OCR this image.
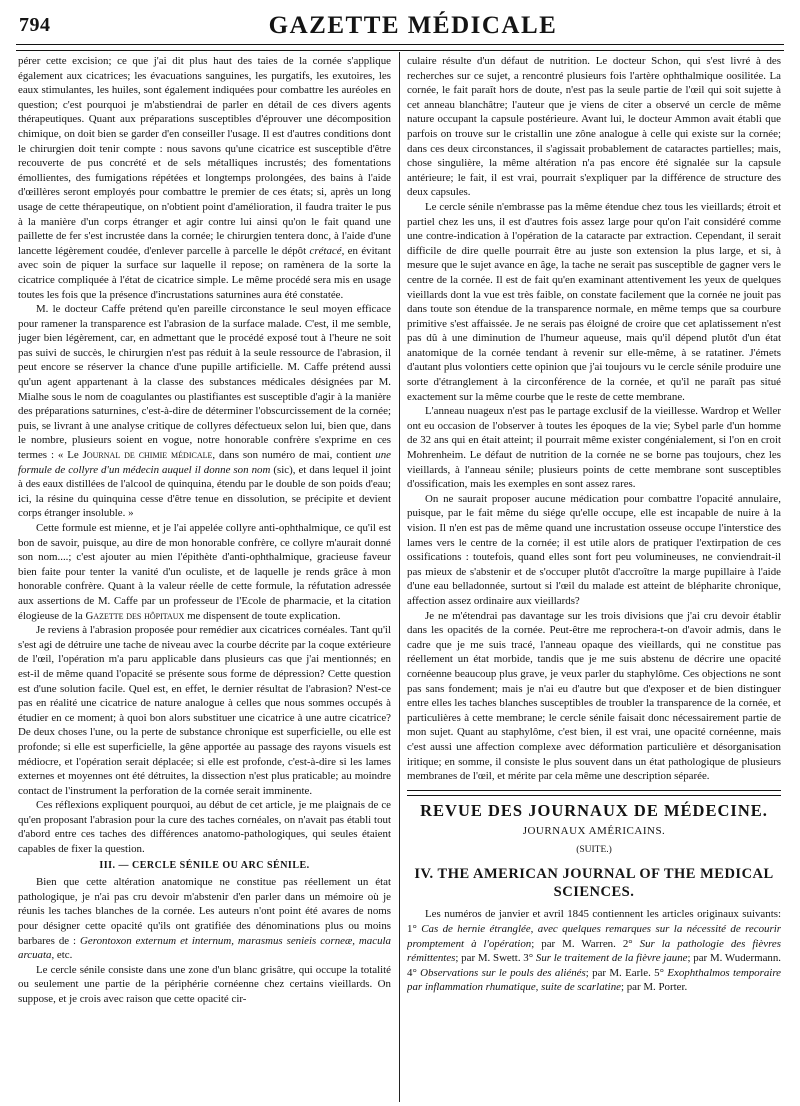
794	GAZETTE MÉDICALE

pérer cette excision; ce que j'ai dit plus haut des taies de la cornée s'applique également aux cicatrices; les évacuations sanguines, les purgatifs, les exutoires, les eaux stimulantes, les huiles, sont également indiquées pour combattre les auréoles en question; c'est pourquoi je m'abstiendrai de parler en détail de ces divers agents thérapeutiques. Quant aux préparations susceptibles d'éprouver une décomposition chimique, on doit bien se garder d'en conseiller l'usage. Il est d'autres conditions dont le chirurgien doit tenir compte : nous savons qu'une cicatrice est susceptible d'être recouverte de pus concrété et de sels métalliques incrustés; des fomentations émollientes, des fumigations répétées et longtemps prolongées, des bains à l'aide d'œillères seront employés pour combattre le premier de ces états; si, après un long usage de cette thérapeutique, on n'obtient point d'amélioration, il faudra traiter le pus à la manière d'un corps étranger et agir contre lui ainsi qu'on le fait quand une paillette de fer s'est incrustée dans la cornée; le chirurgien tentera donc, à l'aide d'une lancette légèrement coudée, d'enlever parcelle à parcelle le dépôt crétacé, en évitant avec soin de piquer la surface sur laquelle il repose; on ramènera de la sorte la cicatrice compliquée à l'état de cicatrice simple. Le même procédé sera mis en usage toutes les fois que la présence d'incrustations saturnines aura été constatée.

M. le docteur Caffe prétend qu'en pareille circonstance le seul moyen efficace pour ramener la transparence est l'abrasion de la surface malade. C'est, il me semble, juger bien légèrement, car, en admettant que le procédé exposé tout à l'heure ne soit pas suivi de succès, le chirurgien n'est pas réduit à la seule ressource de l'abrasion, il peut encore se réserver la chance d'une pupille artificielle. M. Caffe prétend aussi qu'un agent appartenant à la classe des substances médicales désignées par M. Mialhe sous le nom de coagulantes ou plastifiantes est susceptible d'agir à la manière des préparations saturnines, c'est-à-dire de déterminer l'obscurcissement de la cornée; puis, se livrant à une analyse critique de collyres défectueux selon lui, bien que, dans le nombre, plusieurs soient en vogue, notre honorable confrère s'exprime en ces termes : « Le Journal de chimie médicale, dans son numéro de mai, contient une formule de collyre d'un médecin auquel il donne son nom (sic), et dans lequel il joint à des eaux distillées de l'alcool de quinquina, étendu par le double de son poids d'eau; ici, la résine du quinquina cesse d'être tenue en dissolution, se précipite et devient corps étranger insoluble. »

Cette formule est mienne, et je l'ai appelée collyre anti-ophthalmique, ce qu'il est bon de savoir, puisque, au dire de mon honorable confrère, ce collyre m'aurait donné son nom....; c'est ajouter au mien l'épithète d'anti-ophthalmique, gracieuse faveur bien faite pour tenter la vanité d'un oculiste, et de laquelle je rends grâce à mon honorable confrère. Quant à la valeur réelle de cette formule, la réfutation adressée aux assertions de M. Caffe par un professeur de l'Ecole de pharmacie, et la citation élogieuse de la Gazette des hôpitaux me dispensent de toute explication.

Je reviens à l'abrasion proposée pour remédier aux cicatrices cornéales. Tant qu'il s'est agi de détruire une tache de niveau avec la courbe décrite par la coque extérieure de l'œil, l'opération m'a paru applicable dans plusieurs cas que j'ai mentionnés; en est-il de même quand l'opacité se présente sous forme de dépression? Cette question est d'une solution facile. Quel est, en effet, le dernier résultat de l'abrasion? N'est-ce pas en réalité une cicatrice de nature analogue à celles que nous sommes occupés à étudier en ce moment; à quoi bon alors substituer une cicatrice à une autre cicatrice? De deux choses l'une, ou la perte de substance chronique est superficielle, ou elle est profonde; si elle est superficielle, la gêne apportée au passage des rayons visuels est médiocre, et l'opération serait déplacée; si elle est profonde, c'est-à-dire si les lames externes et moyennes ont été détruites, la dissection n'est plus praticable; au moindre contact de l'instrument la perforation de la cornée serait imminente.

Ces réflexions expliquent pourquoi, au début de cet article, je me plaignais de ce qu'en proposant l'abrasion pour la cure des taches cornéales, on n'avait pas établi tout d'abord entre ces taches des différences anatomo-pathologiques, qui seules étaient capables de fixer la question.

III. — CERCLE SÉNILE OU ARC SÉNILE.

Bien que cette altération anatomique ne constitue pas réellement un état pathologique, je n'ai pas cru devoir m'abstenir d'en parler dans un mémoire où je réunis les taches blanches de la cornée. Les auteurs n'ont point été avares de noms pour désigner cette opacité qu'ils ont gratifiée des dénominations plus ou moins barbares de : Gerontoxon externum et internum, marasmus senieis corneæ, macula arcuata, etc.

Le cercle sénile consiste dans une zone d'un blanc grisâtre, qui occupe la totalité ou seulement une partie de la périphérie cornéenne chez certains vieillards. On suppose, et je crois avec raison que cette opacité cir-

culaire résulte d'un défaut de nutrition. Le docteur Schon, qui s'est livré à des recherches sur ce sujet, a rencontré plusieurs fois l'artère ophthalmique oosilitée. La cornée, le fait paraît hors de doute, n'est pas la seule partie de l'œil qui soit sujette à cet anneau blanchâtre; l'auteur que je viens de citer a observé un cercle de même nature occupant la capsule postérieure. Avant lui, le docteur Ammon avait établi que parfois on trouve sur le cristallin une zône analogue à celle qui existe sur la cornée; dans ces deux circonstances, il s'agissait probablement de cataractes partielles; mais, chose singulière, la même altération n'a pas encore été signalée sur la capsule antérieure; le fait, il est vrai, pourrait s'expliquer par la différence de structure des deux capsules.

Le cercle sénile n'embrasse pas la même étendue chez tous les vieillards; étroit et partiel chez les uns, il est d'autres fois assez large pour qu'on l'ait considéré comme une contre-indication à l'opération de la cataracte par extraction. Cependant, il serait difficile de dire quelle pourrait être au juste son extension la plus large, et si, à mesure que le sujet avance en âge, la tache ne serait pas susceptible de gagner vers le centre de la cornée. Il est de fait qu'en examinant attentivement les yeux de quelques vieillards dont la vue est très faible, on constate facilement que la cornée ne jouit pas dans toute son étendue de la transparence normale, en même temps que sa courbure primitive s'est affaissée. Je ne serais pas éloigné de croire que cet aplatissement n'est pas dû à une diminution de l'humeur aqueuse, mais qu'il dépend plutôt d'un état anatomique de la cornée tendant à revenir sur elle-même, à se ratatiner. J'émets d'autant plus volontiers cette opinion que j'ai toujours vu le cercle sénile produire une sorte d'étranglement à la circonférence de la cornée, et qu'il ne paraît pas situé exactement sur la même courbe que le reste de cette membrane.

L'anneau nuageux n'est pas le partage exclusif de la vieillesse. Wardrop et Weller ont eu occasion de l'observer à toutes les époques de la vie; Sybel parle d'un homme de 32 ans qui en était atteint; il pourrait même exister congénialement, si l'on en croit Mohrenheim. Le défaut de nutrition de la cornée ne se borne pas toujours, chez les vieillards, à l'anneau sénile; plusieurs points de cette membrane sont susceptibles d'ossification, mais les exemples en sont assez rares.

On ne saurait proposer aucune médication pour combattre l'opacité annulaire, puisque, par le fait même du siége qu'elle occupe, elle est incapable de nuire à la vision. Il n'en est pas de même quand une incrustation osseuse occupe l'interstice des lames vers le centre de la cornée; il est utile alors de pratiquer l'extirpation de ces ossifications : toutefois, quand elles sont fort peu volumineuses, ne conviendrait-il pas mieux de s'abstenir et de s'occuper plutôt d'accroître la marge pupillaire à l'aide d'une eau belladonnée, surtout si l'œil du malade est atteint de blépharite chronique, affection assez ordinaire aux vieillards?

Je ne m'étendrai pas davantage sur les trois divisions que j'ai cru devoir établir dans les opacités de la cornée. Peut-être me reprochera-t-on d'avoir admis, dans le cadre que je me suis tracé, l'anneau opaque des vieillards, qui ne constitue pas réellement un état morbide, tandis que je me suis abstenu de décrire une opacité cornéenne beaucoup plus grave, je veux parler du staphylôme. Ces objections ne sont pas sans fondement; mais je n'ai eu d'autre but que d'exposer et de bien distinguer entre elles les taches blanches susceptibles de troubler la transparence de la cornée, et particulières à cette membrane; le cercle sénile faisait donc nécessairement partie de mon sujet. Quant au staphylôme, c'est bien, il est vrai, une opacité cornéenne, mais c'est aussi une affection complexe avec déformation particulière et désorganisation iritique; en somme, il consiste le plus souvent dans un état pathologique de plusieurs membranes de l'œil, et mérite par cela même une description séparée.

REVUE DES JOURNAUX DE MÉDECINE.
JOURNAUX AMÉRICAINS.
(SUITE.)
IV. THE AMERICAN JOURNAL OF THE MEDICAL SCIENCES.

Les numéros de janvier et avril 1845 contiennent les articles originaux suivants: 1° Cas de hernie étranglée, avec quelques remarques sur la nécessité de recourir promptement à l'opération; par M. Warren. 2° Sur la pathologie des fièvres rémittentes; par M. Swett. 3° Sur le traitement de la fièvre jaune; par M. Wudermann. 4° Observations sur le pouls des aliénés; par M. Earle. 5° Exophthalmos temporaire par inflammation rhumatique, suite de scarlatine; par M. Porter.
